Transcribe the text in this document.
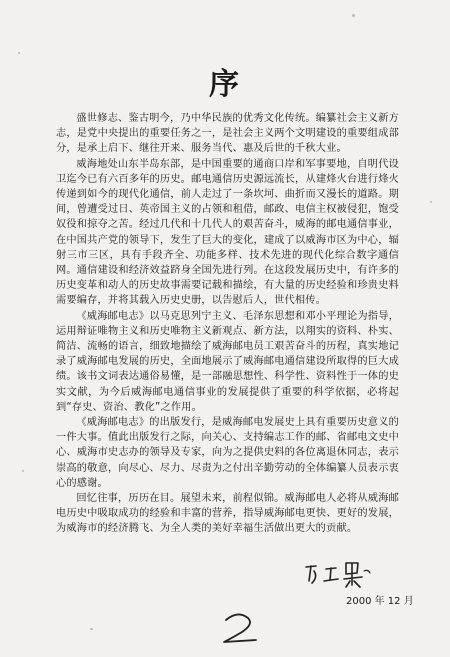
序

盛世修志、鉴古明今，乃中华民族的优秀文化传统。编纂社会主义新方志，是党中央提出的重要任务之一，是社会主义两个文明建设的重要组成部分，是承上启下、继往开来、服务当代、惠及后世的千秋大业。

威海地处山东半岛东部，是中国重要的通商口岸和军事要地，自明代设卫迄今已有六百多年的历史。邮电通信历史源远流长，从建烽火台进行烽火传递到如今的现代化通信，前人走过了一条坎坷、曲折而又漫长的道路。期间，曾遭受过日、英帝国主义的占领和租借，邮政、电信主权被侵犯，饱受奴役和掠夺之苦。经过几代和十几代人的艰苦奋斗，威海的邮电通信事业，在中国共产党的领导下，发生了巨大的变化，建成了以威海市区为中心，辐射三市三区，具有手段齐全、功能多样、技术先进的现代化综合数字通信网。通信建设和经济效益跻身全国先进行列。在这段发展历史中，有许多的历史变革和动人的历史故事需要记载和描绘，有大量的历史经验和珍贵史料需要编存，并将其载入历史史册，以告慰后人，世代相传。

《威海邮电志》以马克思列宁主义、毛泽东思想和邓小平理论为指导，运用辩证唯物主义和历史唯物主义新观点、新方法，以翔实的资料、朴实、简洁、流畅的语言，细致地描绘了威海邮电员工艰苦奋斗的历程，真实地记录了威海邮电发展的历史，全面地展示了威海邮电通信建设所取得的巨大成绩。该书文词表达通俗易懂，是一部融思想性、科学性、资料性于一体的史实文献，为今后威海邮电通信事业的发展提供了重要的科学依据，必将起到“存史、资治、教化”之作用。

《威海邮电志》的出版发行，是威海邮电发展史上具有重要历史意义的一件大事。值此出版发行之际，向关心、支持编志工作的邮、省邮电文史中心、威海市史志办的领导及专家，向为之提供史料的各位离退休同志，表示崇高的敬意，向尽心、尽力、尽责为之付出辛勤劳动的全体编纂人员表示衷心的感谢。

回忆往事，历历在目。展望未来，前程似锦。威海邮电人必将从威海邮电历史中吸取成功的经验和丰富的营养，指导威海邮电更快、更好的发展，为威海市的经济腾飞、为全人类的美好幸福生活做出更大的贡献。

2000 年 12 月
